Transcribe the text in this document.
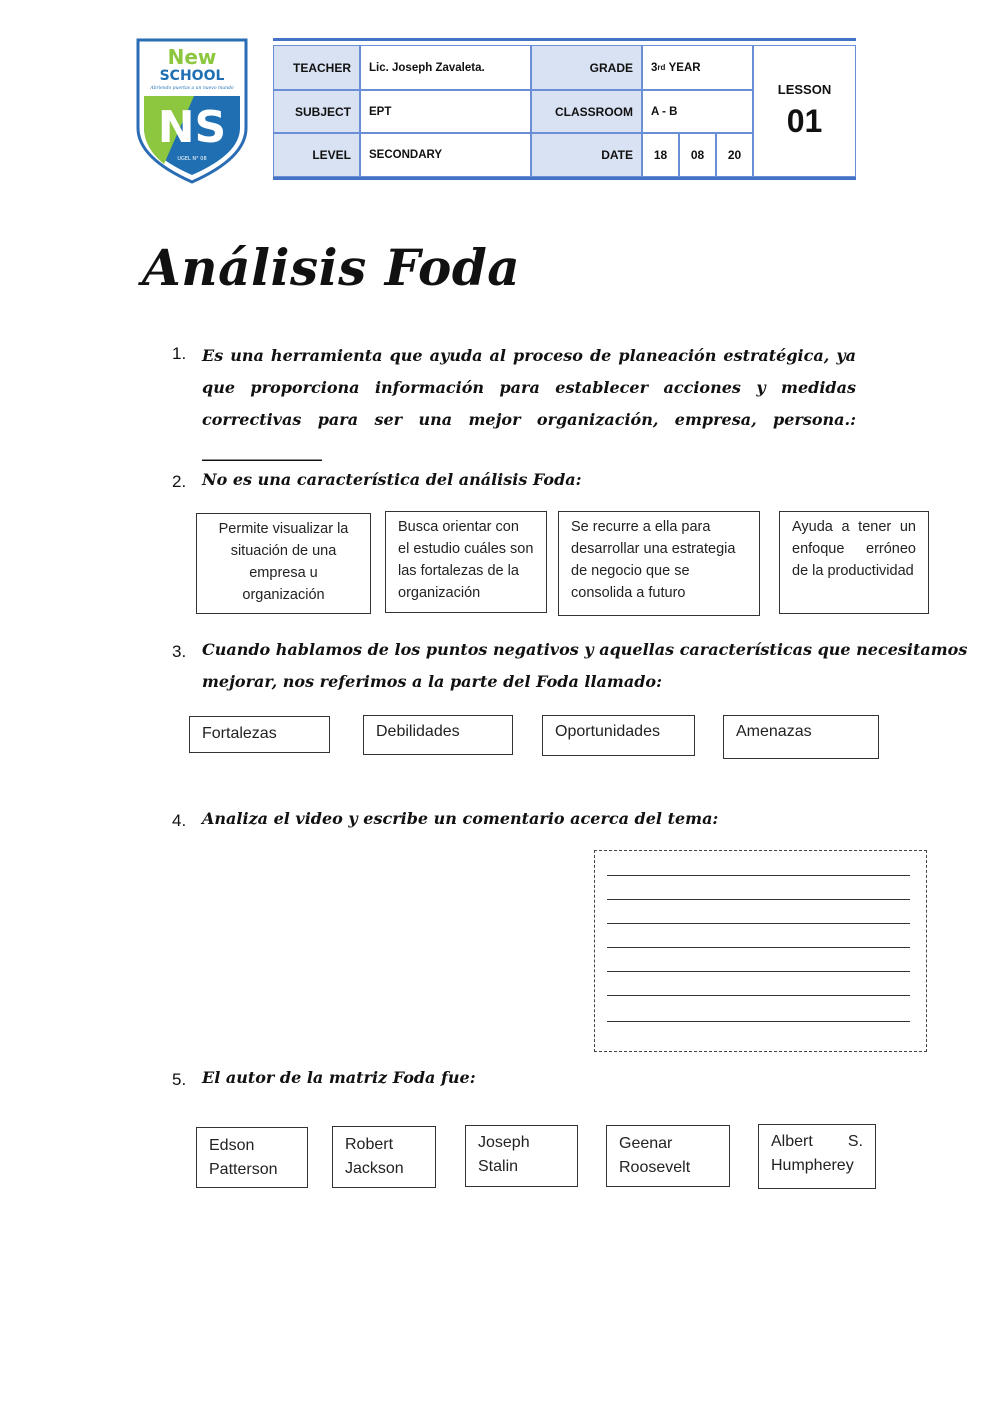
New
SCHOOL
Abriendo puertas a un nuevo mundo
NS
UGEL N° 08
TEACHER	Lic. Joseph Zavaleta.	GRADE	3 rd
YEAR
SUBJECT	EPT	CLASSROOM	A - B
LEVEL	SECONDARY	DATE	18	08	20
LESSON
01
Análisis Foda
1. Es una herramienta que ayuda al proceso de planeación estratégica, ya que proporciona información para establecer acciones y medidas correctivas para ser una mejor organización, empresa, persona.: _______________
2. No es una característica del análisis Foda:
Permite visualizar la situación de una empresa u organización
Busca orientar con el estudio cuáles son las fortalezas de la organización
Se recurre a ella para desarrollar una estrategia de negocio que se consolida a futuro
Ayuda a tener un enfoque erróneo de la productividad
3. Cuando hablamos de los puntos negativos y aquellas características que necesitamos
mejorar, nos referimos a la parte del Foda llamado:
Fortalezas	Debilidades	Oportunidades	Amenazas
4. Analiza el video y escribe un comentario acerca del tema:
5. El autor de la matriz Foda fue:
Edson Patterson
Robert Jackson
Joseph Stalin
Geenar Roosevelt
Albert S. Humpherey
